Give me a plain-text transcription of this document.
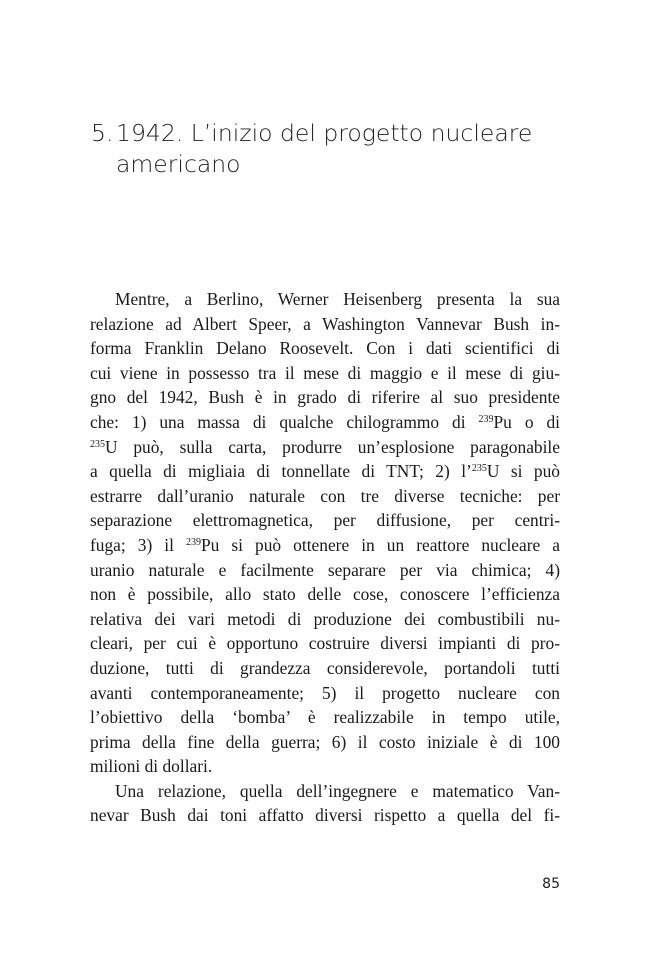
5. 1942. L’inizio del progetto nucleare
americano
Mentre, a Berlino, Werner Heisenberg presenta la sua
relazione ad Albert Speer, a Washington Vannevar Bush in-
forma Franklin Delano Roosevelt. Con i dati scientifici di
cui viene in possesso tra il mese di maggio e il mese di giu-
gno del 1942, Bush è in grado di riferire al suo presidente
che: 1) una massa di qualche chilogrammo di $^{239}$Pu o di
$^{235}$U può, sulla carta, produrre un’esplosione paragonabile
a quella di migliaia di tonnellate di TNT; 2) l’$^{235}$U si può
estrarre dall’uranio naturale con tre diverse tecniche: per
separazione elettromagnetica, per diffusione, per centri-
fuga; 3) il $^{239}$Pu si può ottenere in un reattore nucleare a
uranio naturale e facilmente separare per via chimica; 4)
non è possibile, allo stato delle cose, conoscere l’efficienza
relativa dei vari metodi di produzione dei combustibili nu-
cleari, per cui è opportuno costruire diversi impianti di pro-
duzione, tutti di grandezza considerevole, portandoli tutti
avanti contemporaneamente; 5) il progetto nucleare con
l’obiettivo della ‘bomba’ è realizzabile in tempo utile,
prima della fine della guerra; 6) il costo iniziale è di 100
milioni di dollari.
Una relazione, quella dell’ingegnere e matematico Van-
nevar Bush dai toni affatto diversi rispetto a quella del fi-
85
